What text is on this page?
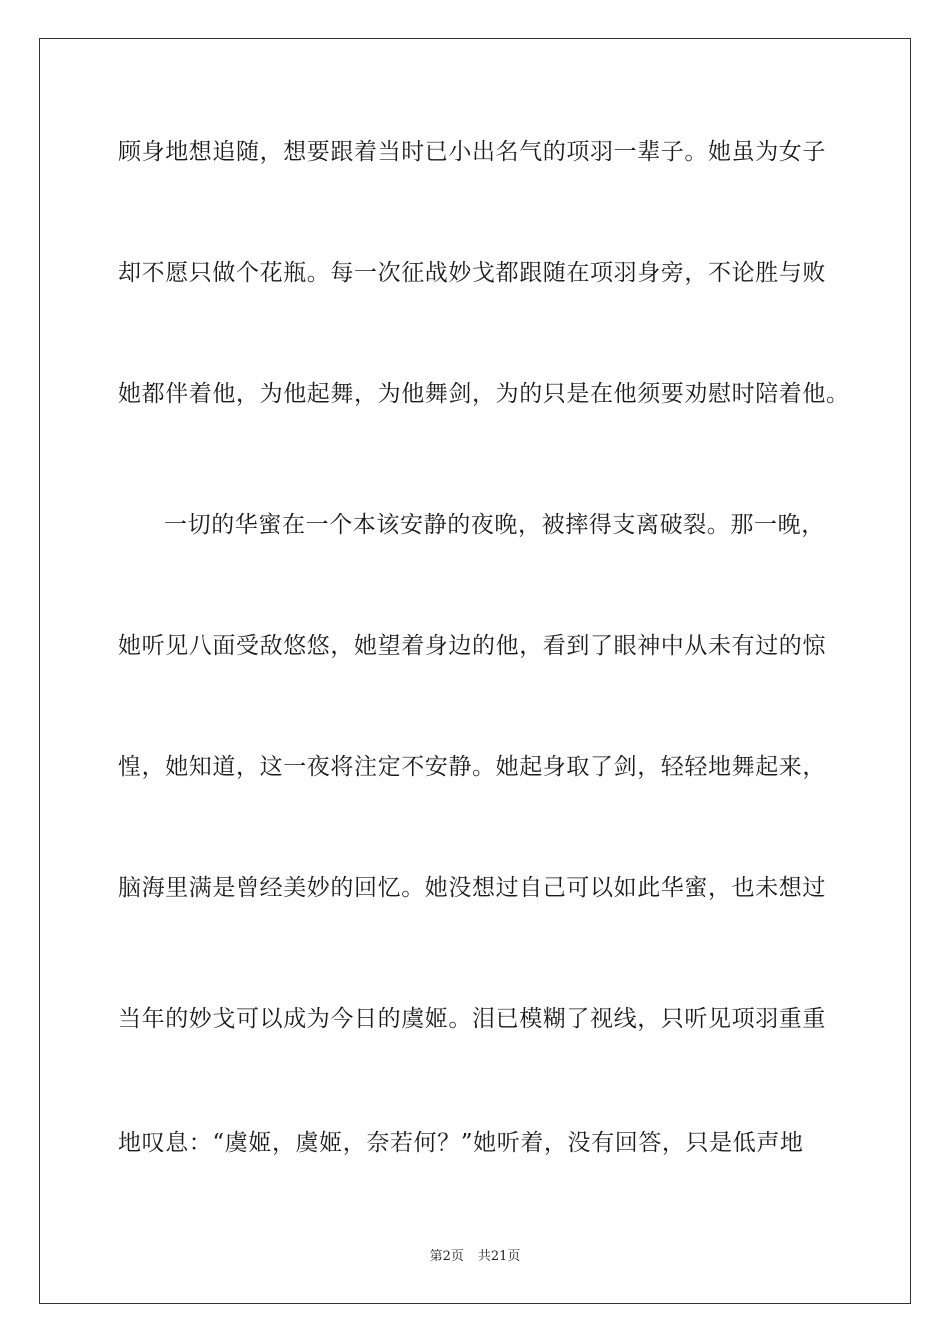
顾身地想追随，想要跟着当时已小出名气的项羽一辈子。她虽为女子
却不愿只做个花瓶。每一次征战妙戈都跟随在项羽身旁，不论胜与败
她都伴着他，为他起舞，为他舞剑，为的只是在他须要劝慰时陪着他。
一切的华蜜在一个本该安静的夜晚，被摔得支离破裂。那一晚，
她听见八面受敌悠悠，她望着身边的他，看到了眼神中从未有过的惊
惶，她知道，这一夜将注定不安静。她起身取了剑，轻轻地舞起来，
脑海里满是曾经美妙的回忆。她没想过自己可以如此华蜜，也未想过
当年的妙戈可以成为今日的虞姬。泪已模糊了视线，只听见项羽重重
地叹息：“虞姬，虞姬，奈若何？”她听着，没有回答，只是低声地
第2页 共21页
